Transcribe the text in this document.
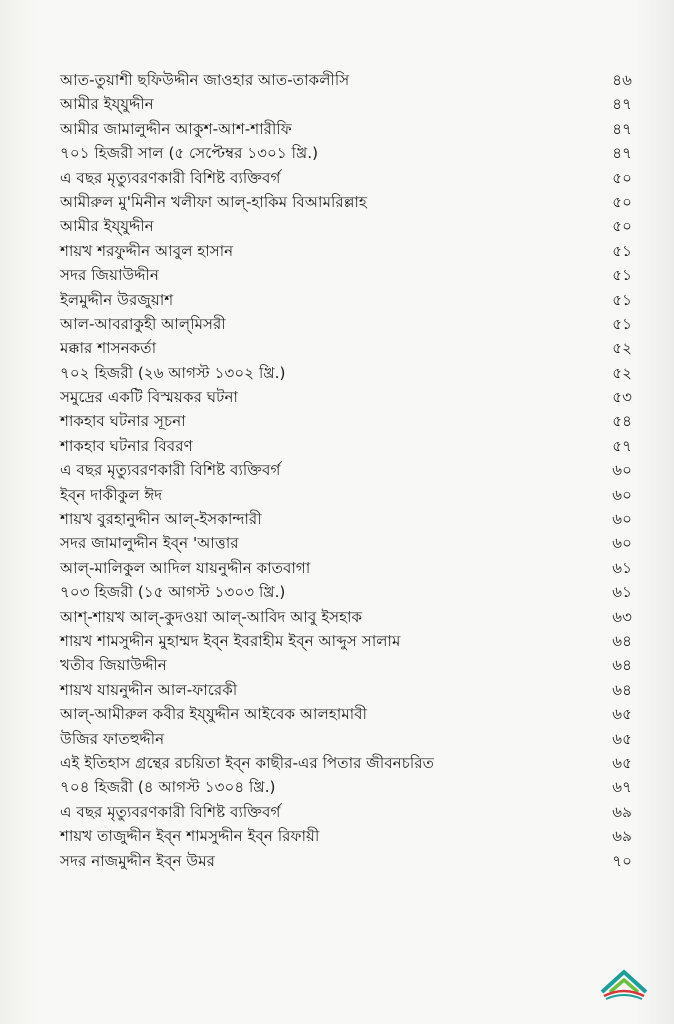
আত-তুয়াশী ছফিউদ্দীন জাওহার আত-তাকলীসি	৪৬
আমীর ইয্‌যুদ্দীন	৪৭
আমীর জামালুদ্দীন আকুশ-আশ-শারীফি	৪৭
৭০১ হিজরী সাল (৫ সেপ্টেম্বর ১৩০১ খ্রি.)	৪৭
এ বছর মৃত্যুবরণকারী বিশিষ্ট ব্যক্তিবর্গ	৫০
আমীরুল মু'মিনীন খলীফা আল্‌-হাকিম বিআমরিল্লাহ	৫০
আমীর ইয্‌যুদ্দীন	৫০
শায়খ শরফুদ্দীন আবুল হাসান	৫১
সদর জিয়াউদ্দীন	৫১
ইলমুদ্দীন উরজুয়াশ	৫১
আল-আবরাকুহী আল্‌মিসরী	৫১
মক্কার শাসনকর্তা	৫২
৭০২ হিজরী (২৬ আগস্ট ১৩০২ খ্রি.)	৫২
সমুদ্রের একটি বিস্ময়কর ঘটনা	৫৩
শাকহাব ঘটনার সূচনা	৫৪
শাকহাব ঘটনার বিবরণ	৫৭
এ বছর মৃত্যুবরণকারী বিশিষ্ট ব্যক্তিবর্গ	৬০
ইব্‌ন দাকীকুল ঈদ	৬০
শায়খ বুরহানুদ্দীন আল্‌-ইসকান্দারী	৬০
সদর জামালুদ্দীন ইব্‌ন 'আত্তার	৬০
আল্‌-মালিকুল আদিল যায়নুদ্দীন কাতবাগা	৬১
৭০৩ হিজরী (১৫ আগস্ট ১৩০৩ খ্রি.)	৬১
আশ্‌-শায়খ আল্‌-কুদওয়া আল্‌-আবিদ আবু ইসহাক	৬৩
শায়খ শামসুদ্দীন মুহাম্মদ ইব্‌ন ইবরাহীম ইব্‌ন আব্দুস সালাম	৬৪
খতীব জিয়াউদ্দীন	৬৪
শায়খ যায়নুদ্দীন আল-ফারেকী	৬৪
আল্‌-আমীরুল কবীর ইয্‌যুদ্দীন আইবেক আলহামাবী	৬৫
উজির ফাতহুদ্দীন	৬৫
এই ইতিহাস গ্রন্থের রচয়িতা ইব্‌ন কাছীর-এর পিতার জীবনচরিত	৬৫
৭০৪ হিজরী (৪ আগস্ট ১৩০৪ খ্রি.)	৬৭
এ বছর মৃত্যুবরণকারী বিশিষ্ট ব্যক্তিবর্গ	৬৯
শায়খ তাজুদ্দীন ইব্‌ন শামসুদ্দীন ইব্‌ন রিফায়ী	৬৯
সদর নাজমুদ্দীন ইব্‌ন উমর	৭০
